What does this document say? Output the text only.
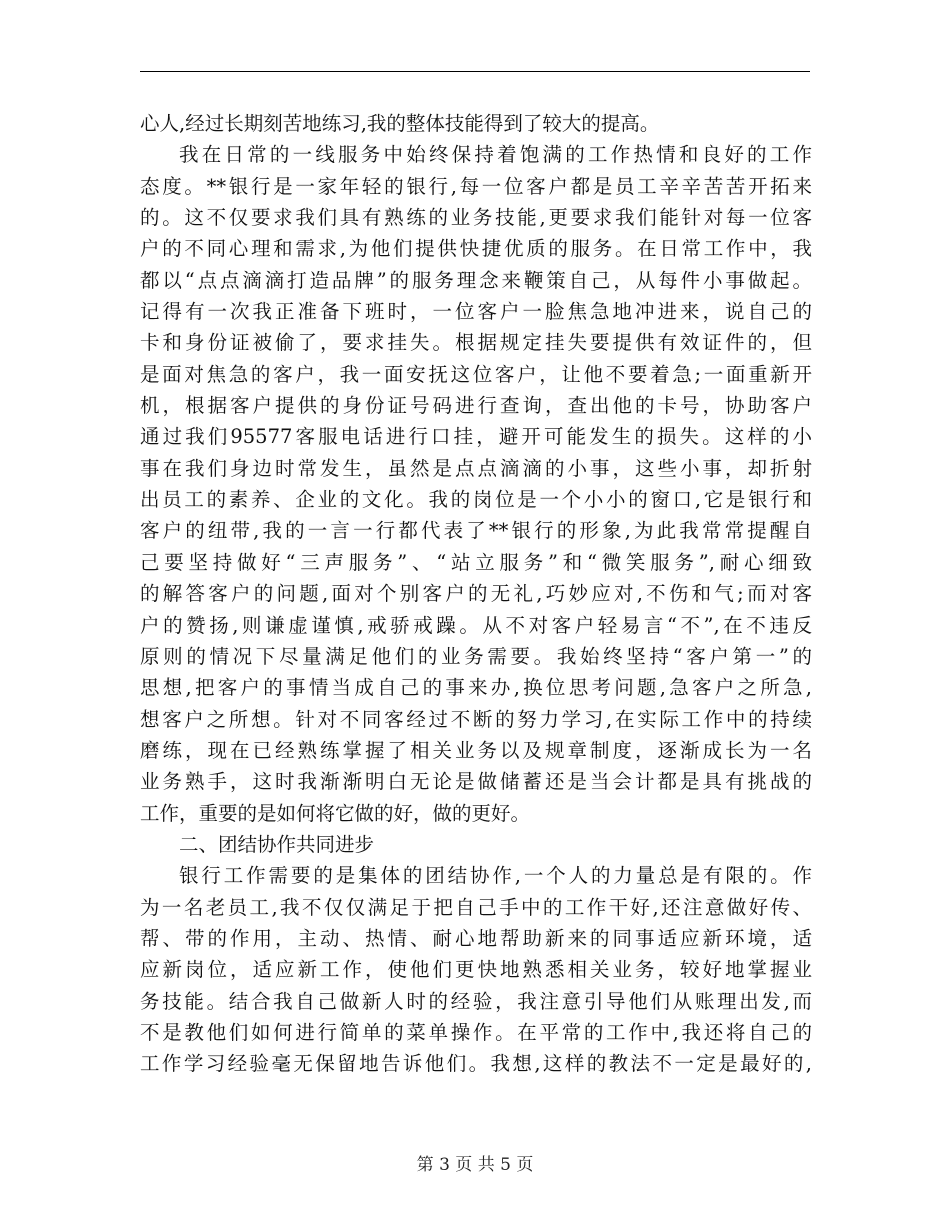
心人,经过长期刻苦地练习,我的整体技能得到了较大的提高。
我在日常的一线服务中始终保持着饱满的工作热情和良好的工作
态度。**银行是一家年轻的银行,每一位客户都是员工辛辛苦苦开拓来
的。这不仅要求我们具有熟练的业务技能,更要求我们能针对每一位客
户的不同心理和需求,为他们提供快捷优质的服务。在日常工作中，我
都以“点点滴滴打造品牌”的服务理念来鞭策自己，从每件小事做起。
记得有一次我正准备下班时，一位客户一脸焦急地冲进来，说自己的
卡和身份证被偷了，要求挂失。根据规定挂失要提供有效证件的，但
是面对焦急的客户，我一面安抚这位客户，让他不要着急;一面重新开
机，根据客户提供的身份证号码进行查询，查出他的卡号，协助客户
通过我们95577客服电话进行口挂，避开可能发生的损失。这样的小
事在我们身边时常发生，虽然是点点滴滴的小事，这些小事，却折射
出员工的素养、企业的文化。我的岗位是一个小小的窗口,它是银行和
客户的纽带,我的一言一行都代表了**银行的形象,为此我常常提醒自
己要坚持做好“三声服务”、“站立服务”和“微笑服务”,耐心细致
的解答客户的问题,面对个别客户的无礼,巧妙应对,不伤和气;而对客
户的赞扬,则谦虚谨慎,戒骄戒躁。从不对客户轻易言“不”,在不违反
原则的情况下尽量满足他们的业务需要。我始终坚持“客户第一”的
思想,把客户的事情当成自己的事来办,换位思考问题,急客户之所急,
想客户之所想。针对不同客经过不断的努力学习,在实际工作中的持续
磨练，现在已经熟练掌握了相关业务以及规章制度，逐渐成长为一名
业务熟手，这时我渐渐明白无论是做储蓄还是当会计都是具有挑战的
工作，重要的是如何将它做的好，做的更好。
二、团结协作共同进步
银行工作需要的是集体的团结协作,一个人的力量总是有限的。作
为一名老员工,我不仅仅满足于把自己手中的工作干好,还注意做好传、
帮、带的作用，主动、热情、耐心地帮助新来的同事适应新环境，适
应新岗位，适应新工作，使他们更快地熟悉相关业务，较好地掌握业
务技能。结合我自己做新人时的经验，我注意引导他们从账理出发,而
不是教他们如何进行简单的菜单操作。在平常的工作中,我还将自己的
工作学习经验毫无保留地告诉他们。我想,这样的教法不一定是最好的,
第 3 页 共 5 页
